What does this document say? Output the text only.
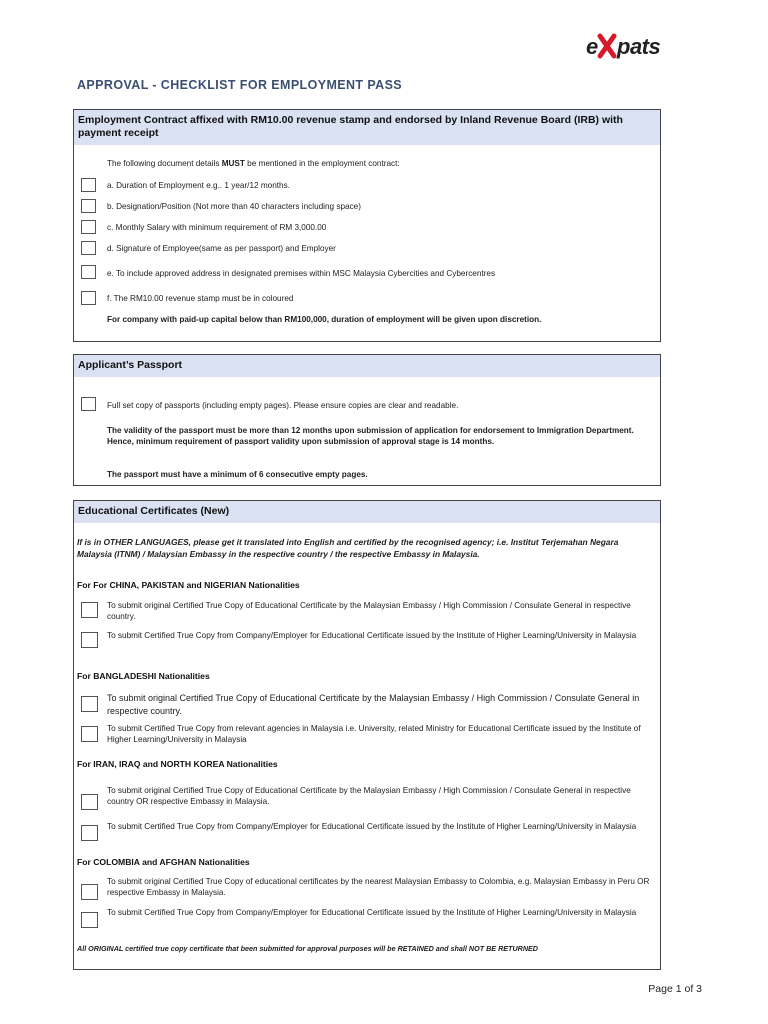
e pats
APPROVAL - CHECKLIST FOR EMPLOYMENT PASS
Employment Contract affixed with RM10.00 revenue stamp and endorsed by Inland Revenue Board (IRB) with payment receipt
The following document details MUST be mentioned in the employment contract:
a. Duration of Employment e.g.. 1 year/12 months.
b. Designation/Position (Not more than 40 characters including space)
c. Monthly Salary with minimum requirement of RM 3,000.00
d. Signature of Employee(same as per passport) and Employer
e. To include approved address in designated premises within MSC Malaysia Cybercities and Cybercentres
f. The RM10.00 revenue stamp must be in coloured
For company with paid-up capital below than RM100,000, duration of employment will be given upon discretion.
Applicant’s Passport
Full set copy of passports (including empty pages). Please ensure copies are clear and readable.
The validity of the passport must be more than 12 months upon submission of application for endorsement to Immigration Department. Hence, minimum requirement of passport validity upon submission of approval stage is 14 months.
The passport must have a minimum of 6 consecutive empty pages.
Educational Certificates (New)
If is in OTHER LANGUAGES, please get it translated into English and certified by the recognised agency; i.e. Institut Terjemahan Negara Malaysia (ITNM) / Malaysian Embassy in the respective country / the respective Embassy in Malaysia.
For For CHINA, PAKISTAN and NIGERIAN Nationalities
To submit original Certified True Copy of Educational Certificate by the Malaysian Embassy / High Commission / Consulate General in respective country.
To submit Certified True Copy from Company/Employer for Educational Certificate issued by the Institute of Higher Learning/University in Malaysia
For BANGLADESHI Nationalities
To submit original Certified True Copy of Educational Certificate by the Malaysian Embassy / High Commission / Consulate General in respective country.
To submit Certified True Copy from relevant agencies in Malaysia i.e. University, related Ministry for Educational Certificate issued by the Institute of Higher Learning/University in Malaysia
For IRAN, IRAQ and NORTH KOREA Nationalities
To submit original Certified True Copy of Educational Certificate by the Malaysian Embassy / High Commission / Consulate General in respective country OR respective Embassy in Malaysia.
To submit Certified True Copy from Company/Employer for Educational Certificate issued by the Institute of Higher Learning/University in Malaysia
For COLOMBIA and AFGHAN Nationalities
To submit original Certified True Copy of educational certificates by the nearest Malaysian Embassy to Colombia, e.g. Malaysian Embassy in Peru OR respective Embassy in Malaysia.
To submit Certified True Copy from Company/Employer for Educational Certificate issued by the Institute of Higher Learning/University in Malaysia
All ORIGINAL certified true copy certificate that been submitted for approval purposes will be RETAINED and shall NOT BE RETURNED
Page 1 of 3
